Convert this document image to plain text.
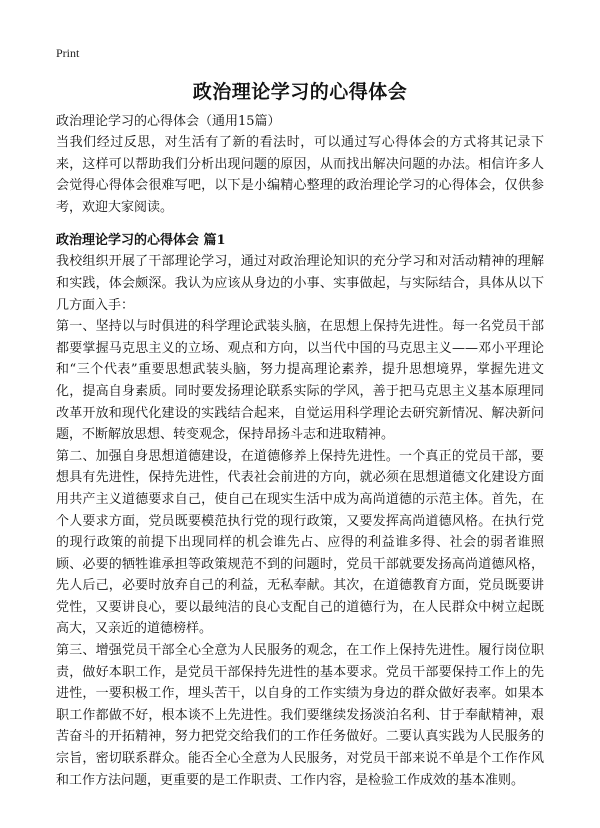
Print
政治理论学习的心得体会
政治理论学习的心得体会（通用15篇）

当我们经过反思，对生活有了新的看法时，可以通过写心得体会的方式将其记录下来，这样可以帮助我们分析出现问题的原因，从而找出解决问题的办法。相信许多人会觉得心得体会很难写吧，以下是小编精心整理的政治理论学习的心得体会，仅供参考，欢迎大家阅读。

政治理论学习的心得体会 篇1

我校组织开展了干部理论学习，通过对政治理论知识的充分学习和对活动精神的理解和实践，体会颇深。我认为应该从身边的小事、实事做起，与实际结合，具体从以下几方面入手：

第一、坚持以与时俱进的科学理论武装头脑，在思想上保持先进性。每一名党员干部都要掌握马克思主义的立场、观点和方向，以当代中国的马克思主义——邓小平理论和“三个代表”重要思想武装头脑，努力提高理论素养，提升思想境界，掌握先进文化，提高自身素质。同时要发扬理论联系实际的学风，善于把马克思主义基本原理同改革开放和现代化建设的实践结合起来，自觉运用科学理论去研究新情况、解决新问题，不断解放思想、转变观念，保持昂扬斗志和进取精神。

第二、加强自身思想道德建设，在道德修养上保持先进性。一个真正的党员干部，要想具有先进性，保持先进性，代表社会前进的方向，就必须在思想道德文化建设方面用共产主义道德要求自己，使自己在现实生活中成为高尚道德的示范主体。首先，在个人要求方面，党员既要模范执行党的现行政策，又要发挥高尚道德风格。在执行党的现行政策的前提下出现同样的机会谁先占、应得的利益谁多得、社会的弱者谁照顾、必要的牺牲谁承担等政策规范不到的问题时，党员干部就要发扬高尚道德风格，先人后己，必要时放弃自己的利益，无私奉献。其次，在道德教育方面，党员既要讲党性，又要讲良心，要以最纯洁的良心支配自己的道德行为，在人民群众中树立起既高大，又亲近的道德榜样。

第三、增强党员干部全心全意为人民服务的观念，在工作上保持先进性。履行岗位职责，做好本职工作，是党员干部保持先进性的基本要求。党员干部要保持工作上的先进性，一要积极工作，埋头苦干，以自身的工作实绩为身边的群众做好表率。如果本职工作都做不好，根本谈不上先进性。我们要继续发扬淡泊名利、甘于奉献精神，艰苦奋斗的开拓精神，努力把党交给我们的工作任务做好。二要认真实践为人民服务的宗旨，密切联系群众。能否全心全意为人民服务，对党员干部来说不单是个工作作风和工作方法问题，更重要的是工作职责、工作内容，是检验工作成效的基本准则。
